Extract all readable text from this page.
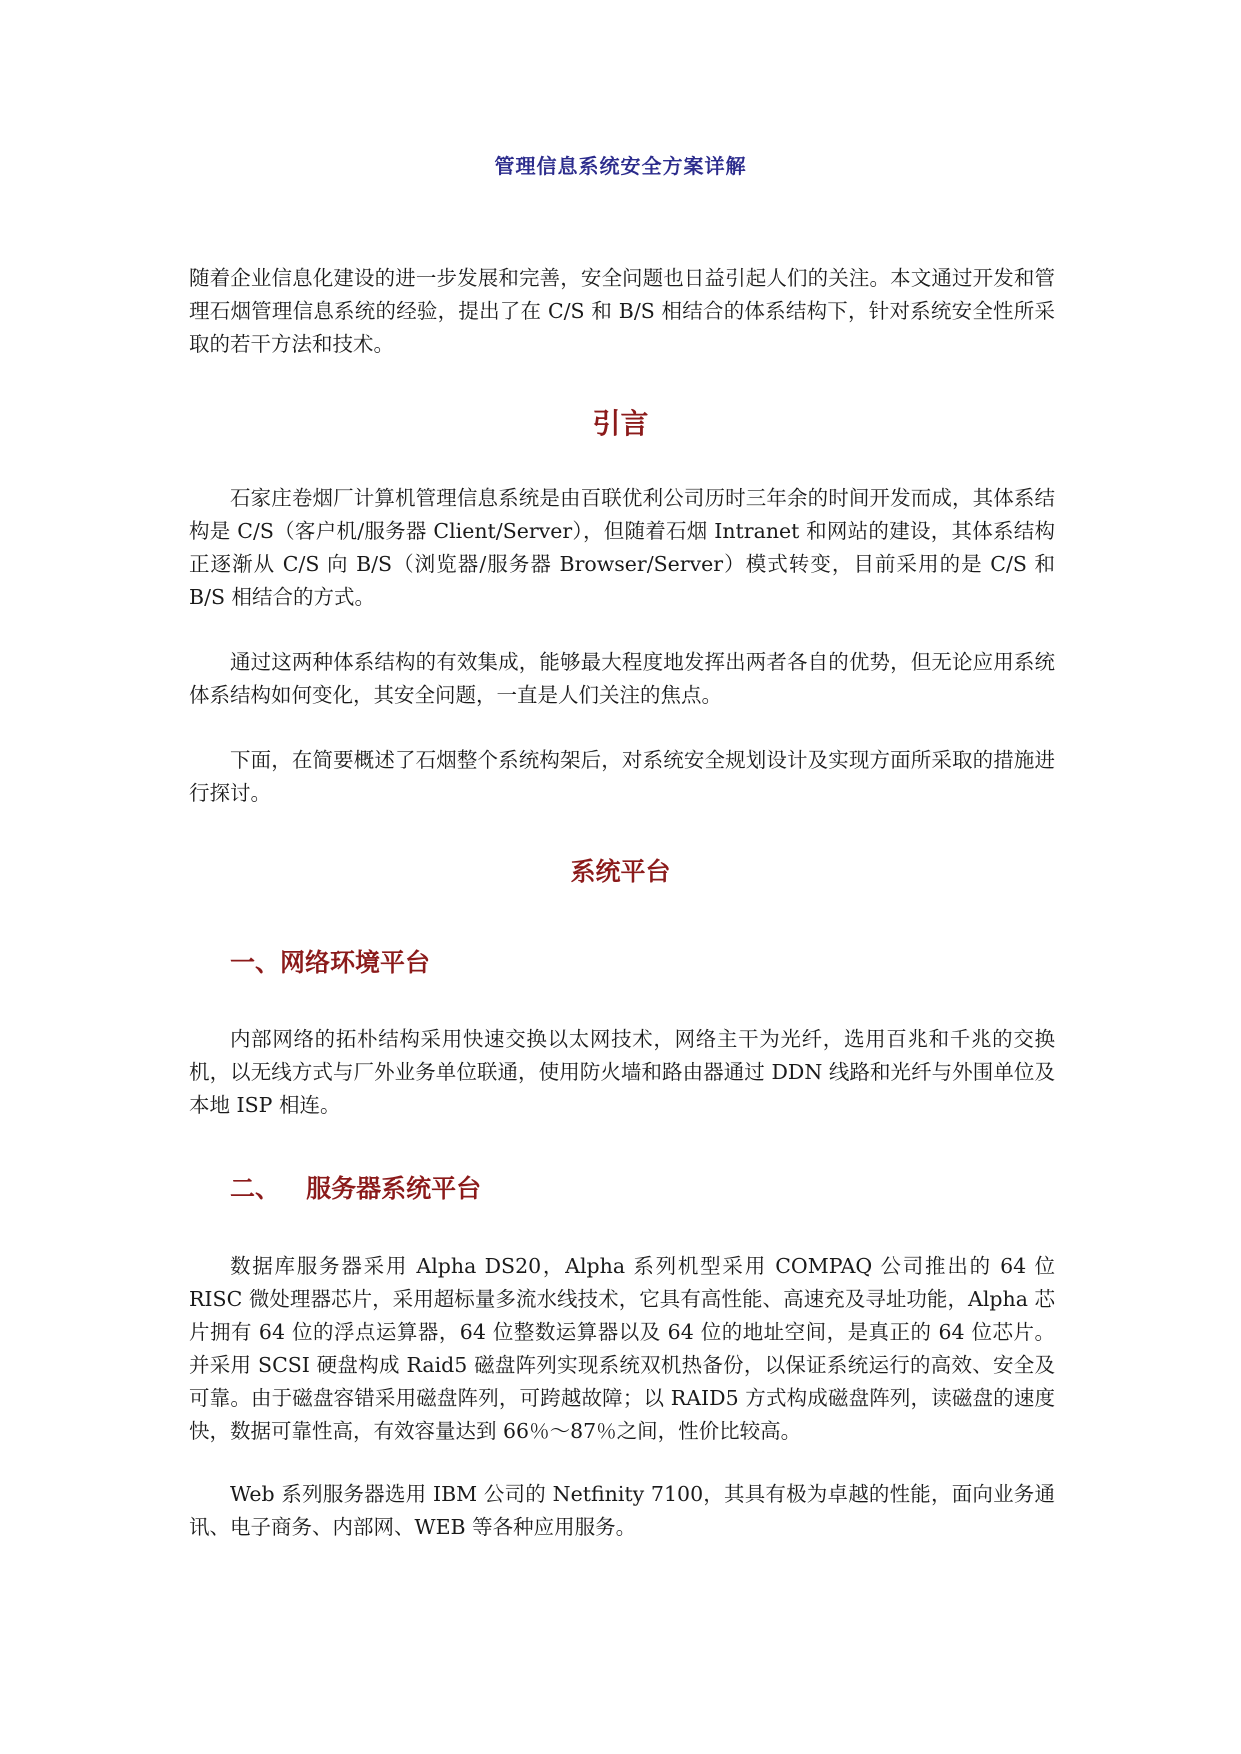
管理信息系统安全方案详解

随着企业信息化建设的进一步发展和完善，安全问题也日益引起人们的关注。本文通过开发和管理石烟管理信息系统的经验，提出了在 C/S 和 B/S 相结合的体系结构下，针对系统安全性所采取的若干方法和技术。

引言

石家庄卷烟厂计算机管理信息系统是由百联优利公司历时三年余的时间开发而成，其体系结构是 C/S（客户机/服务器 Client/Server），但随着石烟 Intranet 和网站的建设，其体系结构正逐渐从 C/S 向 B/S（浏览器/服务器 Browser/Server）模式转变，目前采用的是 C/S 和 B/S 相结合的方式。

通过这两种体系结构的有效集成，能够最大程度地发挥出两者各自的优势，但无论应用系统体系结构如何变化，其安全问题，一直是人们关注的焦点。

下面，在简要概述了石烟整个系统构架后，对系统安全规划设计及实现方面所采取的措施进行探讨。

系统平台
一、网络环境平台

内部网络的拓朴结构采用快速交换以太网技术，网络主干为光纤，选用百兆和千兆的交换机，以无线方式与厂外业务单位联通，使用防火墙和路由器通过 DDN 线路和光纤与外围单位及本地 ISP 相连。

二、   服务器系统平台

数据库服务器采用 Alpha DS20，Alpha 系列机型采用 COMPAQ 公司推出的 64 位 RISC 微处理器芯片，采用超标量多流水线技术，它具有高性能、高速充及寻址功能，Alpha 芯片拥有 64 位的浮点运算器，64 位整数运算器以及 64 位的地址空间，是真正的 64 位芯片。并采用 SCSI 硬盘构成 Raid5 磁盘阵列实现系统双机热备份，以保证系统运行的高效、安全及可靠。由于磁盘容错采用磁盘阵列，可跨越故障；以 RAID5 方式构成磁盘阵列，读磁盘的速度快，数据可靠性高，有效容量达到 66％～87％之间，性价比较高。

Web 系列服务器选用 IBM 公司的 Netfinity 7100，其具有极为卓越的性能，面向业务通讯、电子商务、内部网、WEB 等各种应用服务。
